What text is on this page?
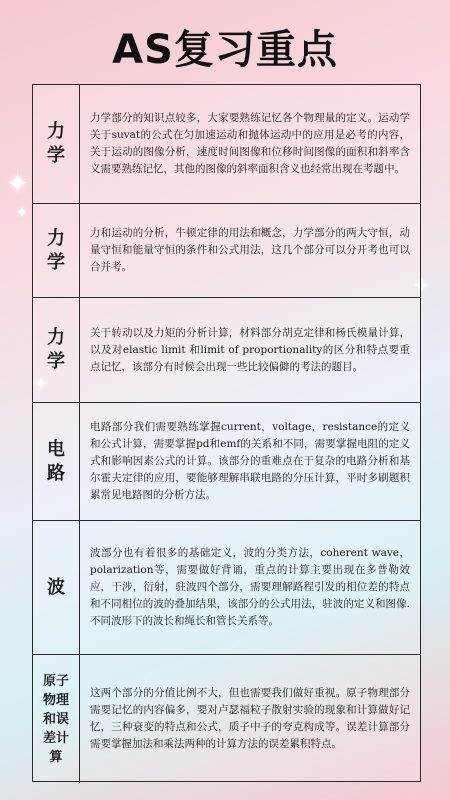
AS复习重点
✦
✦
✦
✦
力
学
力学部分的知识点较多，大家要熟练记忆各个物理量的定义。运动学关于suvat的公式在匀加速运动和抛体运动中的应用是必考的内容，关于运动的图像分析，速度时间图像和位移时间图像的面积和斜率含义需要熟练记忆，其他的图像的斜率面积含义也经常出现在考题中。
力
学
力和运动的分析，牛顿定律的用法和概念，力学部分的两大守恒，动量守恒和能量守恒的条件和公式用法，这几个部分可以分开考也可以合并考。
力
学
关于转动以及力矩的分析计算，材料部分胡克定律和杨氏模量计算，以及对elastic limit 和limit of proportionality的区分和特点要重点记忆，该部分有时候会出现一些比较偏僻的考法的题目。
电
路
电路部分我们需要熟练掌握current，voltage，resistance的定义和公式计算，需要掌握pd和emf的关系和不同，需要掌握电阻的定义式和影响因素公式的计算。该部分的重难点在于复杂的电路分析和基尔霍夫定律的应用，要能够理解串联电路的分压计算，平时多刷题积累常见电路图的分析方法。
波
波部分也有着很多的基础定义，波的分类方法，coherent wave，polarization等，需要做好背诵，重点的计算主要出现在多普勒效应，干涉，衍射，驻波四个部分，需要理解路程引发的相位差的特点和不同相位的波的叠加结果，该部分的公式用法，驻波的定义和图像. 不同波形下的波长和绳长和管长关系等。
原子
物理
和误
差计
算
这两个部分的分值比例不大，但也需要我们做好重视。原子物理部分需要记忆的内容偏多，要对卢瑟福粒子散射实验的现象和计算做好记忆，三种衰变的特点和公式，质子中子的夸克构成等。误差计算部分需要掌握加法和乘法两种的计算方法的误差累积特点。
